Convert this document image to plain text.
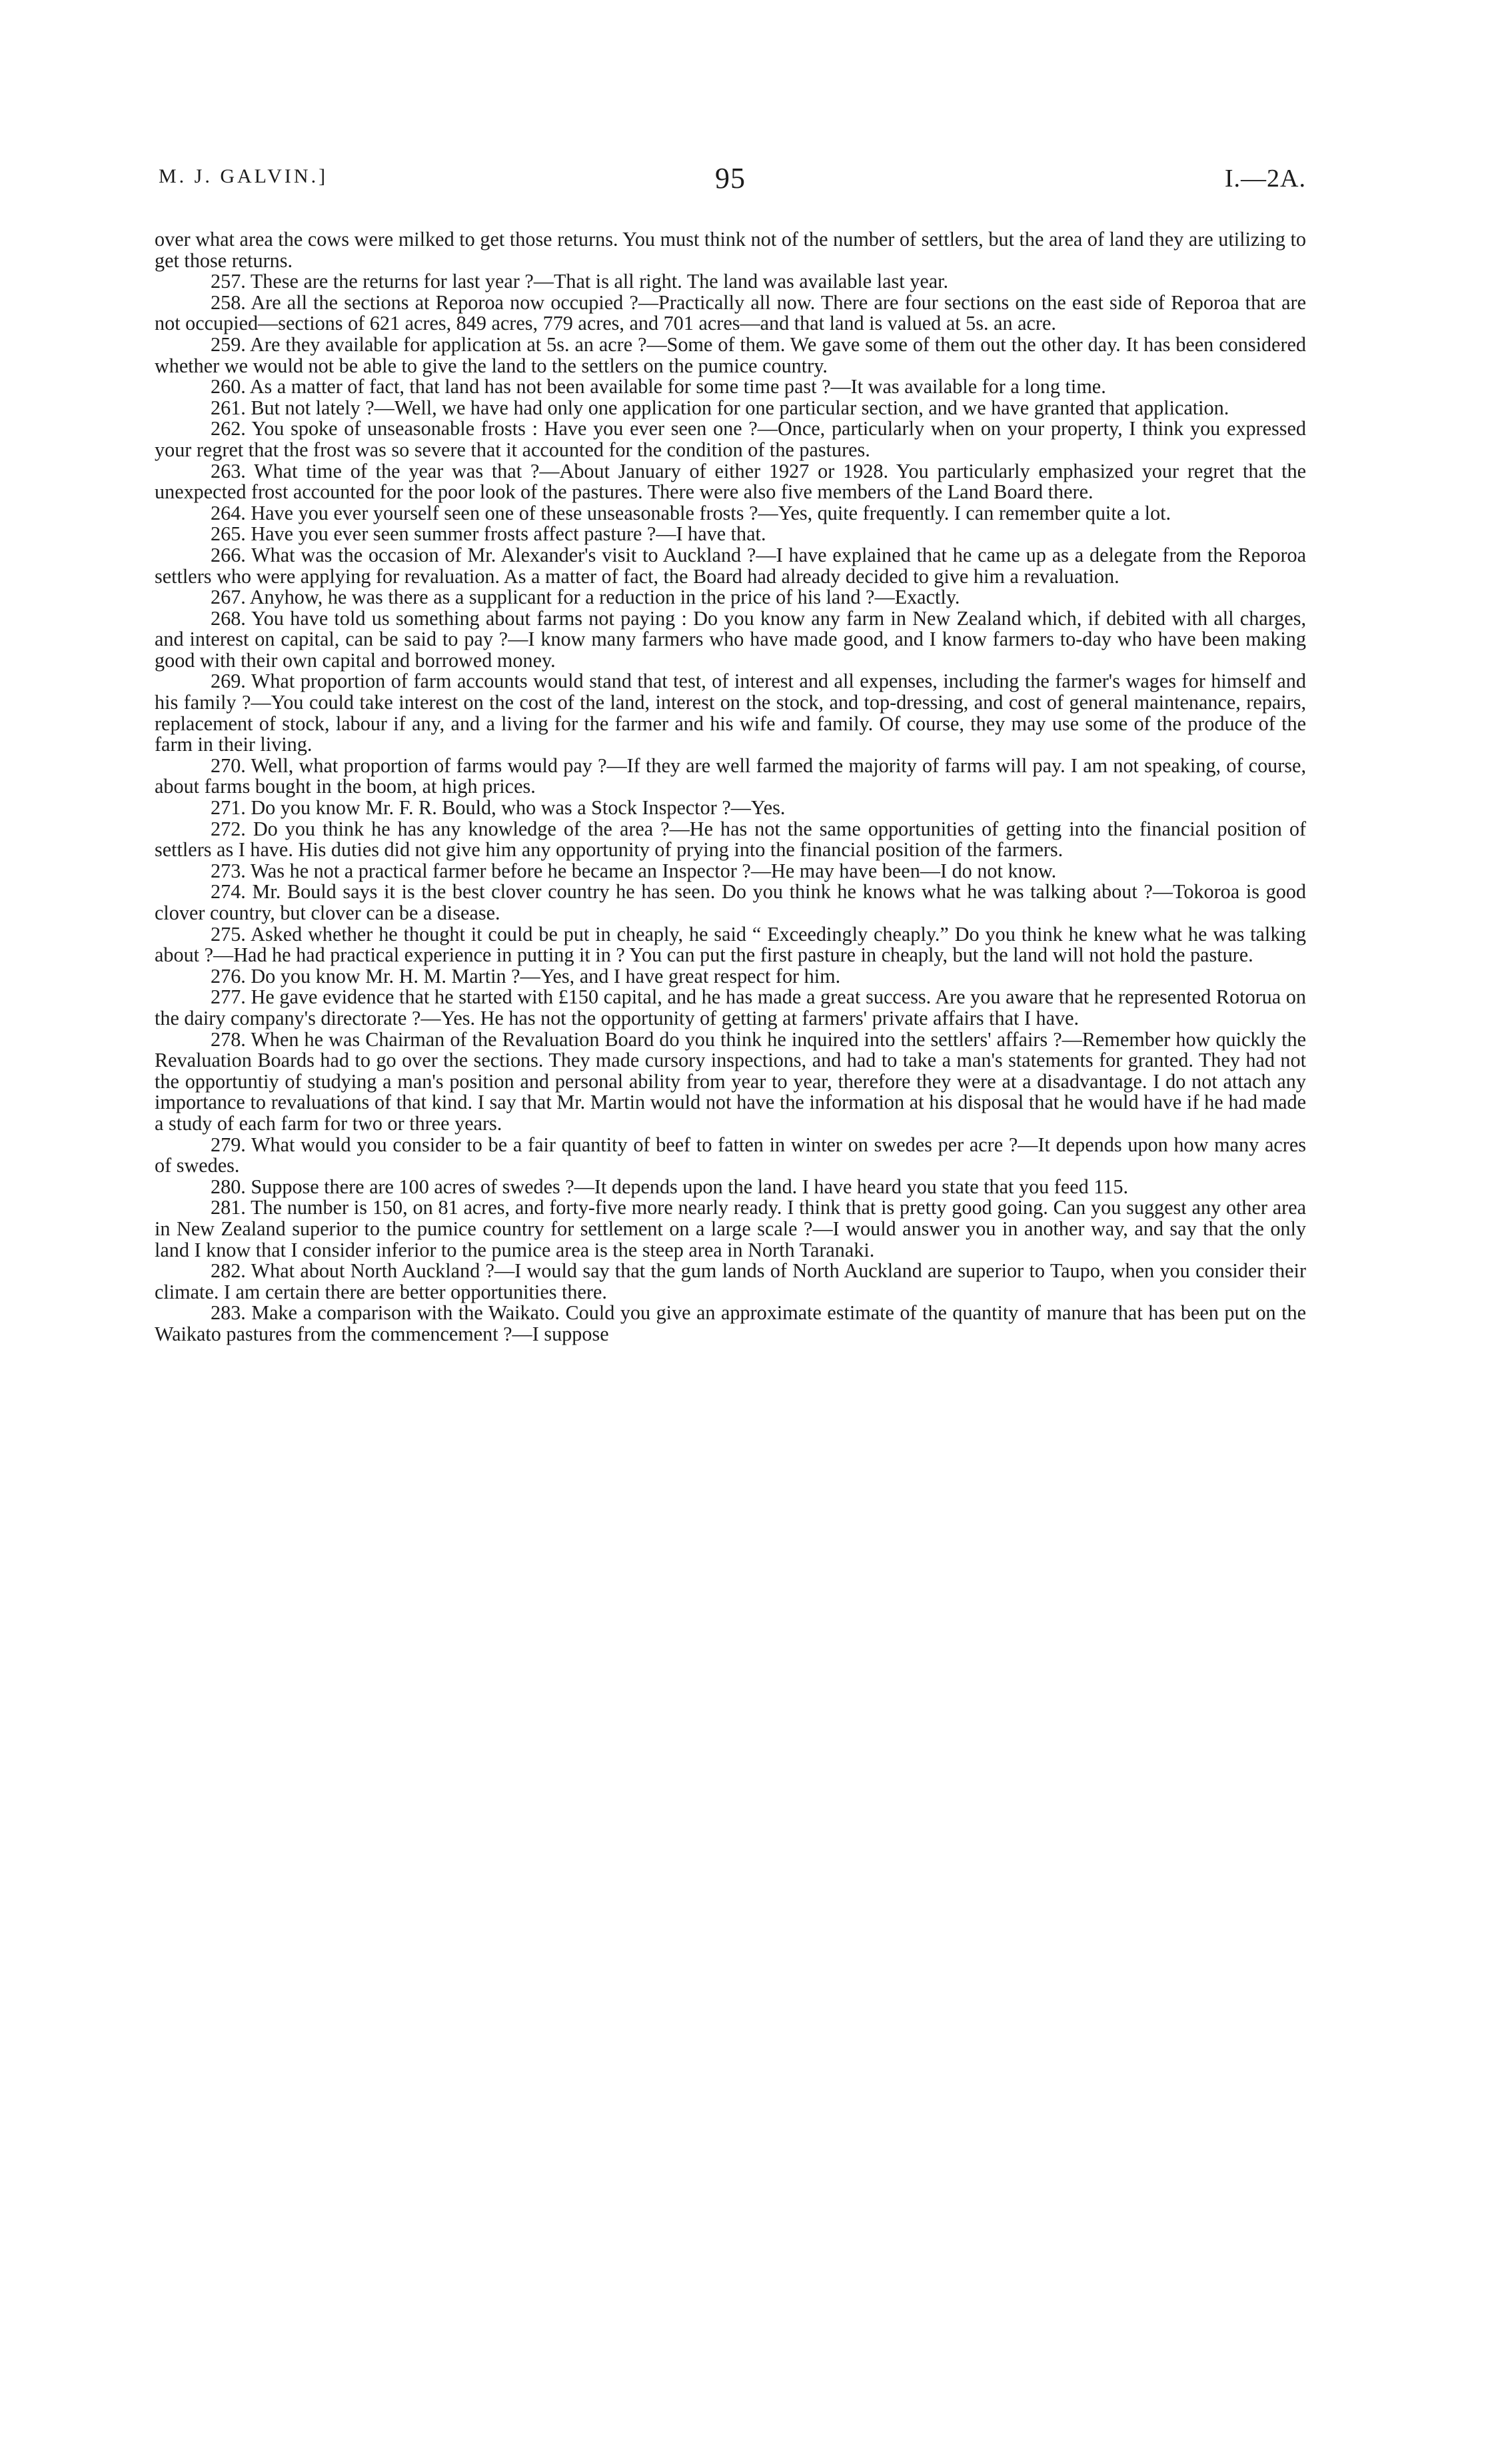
M. J. GALVIN.]	95	I.—2A.

over what area the cows were milked to get those returns. You must think not of the number of settlers, but the area of land they are utilizing to get those returns.

257. These are the returns for last year ?—That is all right. The land was available last year.

258. Are all the sections at Reporoa now occupied ?—Practically all now. There are four sections on the east side of Reporoa that are not occupied—sections of 621 acres, 849 acres, 779 acres, and 701 acres—and that land is valued at 5s. an acre.

259. Are they available for application at 5s. an acre ?—Some of them. We gave some of them out the other day. It has been considered whether we would not be able to give the land to the settlers on the pumice country.

260. As a matter of fact, that land has not been available for some time past ?—It was available for a long time.

261. But not lately ?—Well, we have had only one application for one particular section, and we have granted that application.

262. You spoke of unseasonable frosts : Have you ever seen one ?—Once, particularly when on your property, I think you expressed your regret that the frost was so severe that it accounted for the condition of the pastures.

263. What time of the year was that ?—About January of either 1927 or 1928. You particularly emphasized your regret that the unexpected frost accounted for the poor look of the pastures. There were also five members of the Land Board there.

264. Have you ever yourself seen one of these unseasonable frosts ?—Yes, quite frequently. I can remember quite a lot.

265. Have you ever seen summer frosts affect pasture ?—I have that.

266. What was the occasion of Mr. Alexander's visit to Auckland ?—I have explained that he came up as a delegate from the Reporoa settlers who were applying for revaluation. As a matter of fact, the Board had already decided to give him a revaluation.

267. Anyhow, he was there as a supplicant for a reduction in the price of his land ?—Exactly.

268. You have told us something about farms not paying : Do you know any farm in New Zealand which, if debited with all charges, and interest on capital, can be said to pay ?—I know many farmers who have made good, and I know farmers to-day who have been making good with their own capital and borrowed money.

269. What proportion of farm accounts would stand that test, of interest and all expenses, including the farmer's wages for himself and his family ?—You could take interest on the cost of the land, interest on the stock, and top-dressing, and cost of general maintenance, repairs, replacement of stock, labour if any, and a living for the farmer and his wife and family. Of course, they may use some of the produce of the farm in their living.

270. Well, what proportion of farms would pay ?—If they are well farmed the majority of farms will pay. I am not speaking, of course, about farms bought in the boom, at high prices.

271. Do you know Mr. F. R. Bould, who was a Stock Inspector ?—Yes.

272. Do you think he has any knowledge of the area ?—He has not the same opportunities of getting into the financial position of settlers as I have. His duties did not give him any opportunity of prying into the financial position of the farmers.

273. Was he not a practical farmer before he became an Inspector ?—He may have been—I do not know.

274. Mr. Bould says it is the best clover country he has seen. Do you think he knows what he was talking about ?—Tokoroa is good clover country, but clover can be a disease.

275. Asked whether he thought it could be put in cheaply, he said “ Exceedingly cheaply.” Do you think he knew what he was talking about ?—Had he had practical experience in putting it in ? You can put the first pasture in cheaply, but the land will not hold the pasture.

276. Do you know Mr. H. M. Martin ?—Yes, and I have great respect for him.

277. He gave evidence that he started with £150 capital, and he has made a great success. Are you aware that he represented Rotorua on the dairy company's directorate ?—Yes. He has not the opportunity of getting at farmers' private affairs that I have.

278. When he was Chairman of the Revaluation Board do you think he inquired into the settlers' affairs ?—Remember how quickly the Revaluation Boards had to go over the sections. They made cursory inspections, and had to take a man's statements for granted. They had not the opportuntiy of studying a man's position and personal ability from year to year, therefore they were at a disadvantage. I do not attach any importance to revaluations of that kind. I say that Mr. Martin would not have the information at his disposal that he would have if he had made a study of each farm for two or three years.

279. What would you consider to be a fair quantity of beef to fatten in winter on swedes per acre ?—It depends upon how many acres of swedes.

280. Suppose there are 100 acres of swedes ?—It depends upon the land. I have heard you state that you feed 115.

281. The number is 150, on 81 acres, and forty-five more nearly ready. I think that is pretty good going. Can you suggest any other area in New Zealand superior to the pumice country for settlement on a large scale ?—I would answer you in another way, and say that the only land I know that I consider inferior to the pumice area is the steep area in North Taranaki.

282. What about North Auckland ?—I would say that the gum lands of North Auckland are superior to Taupo, when you consider their climate. I am certain there are better opportunities there.

283. Make a comparison with the Waikato. Could you give an approximate estimate of the quantity of manure that has been put on the Waikato pastures from the commencement ?—I suppose
